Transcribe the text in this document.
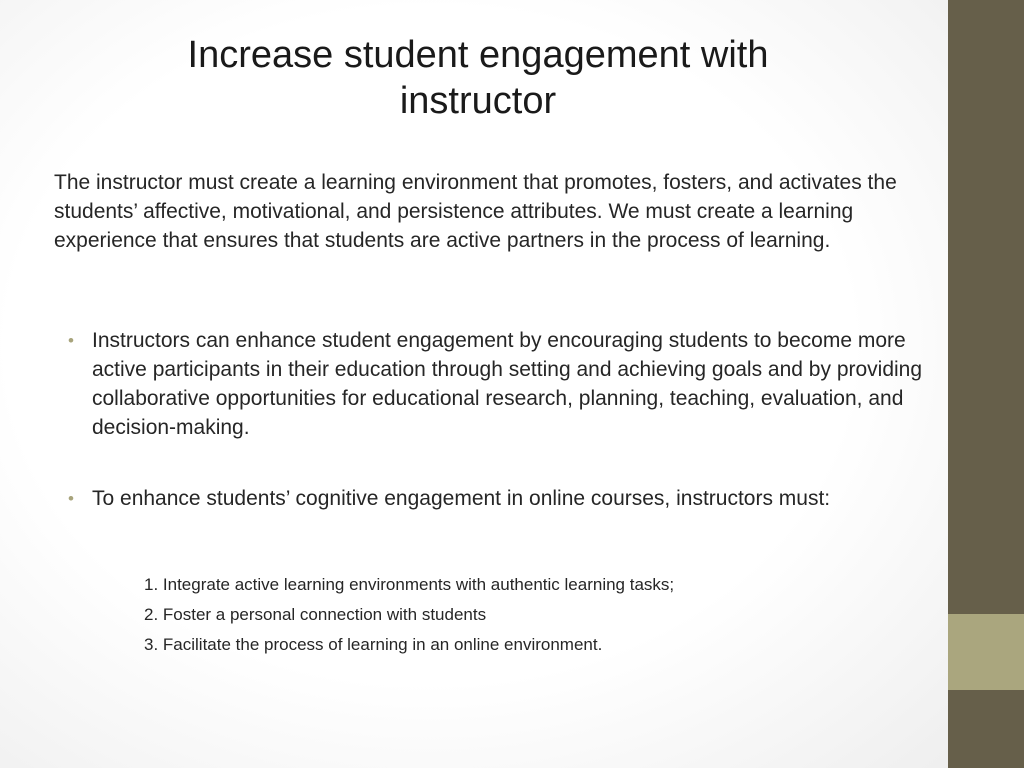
Increase student engagement with instructor

The instructor must create a learning environment that promotes, fosters, and activates the students’ affective, motivational, and persistence attributes. We must create a learning experience that ensures that students are active partners in the process of learning.

• Instructors can enhance student engagement by encouraging students to become more active participants in their education through setting and achieving goals and by providing collaborative opportunities for educational research, planning, teaching, evaluation, and decision-making.
• To enhance students’ cognitive engagement in online courses, instructors must:
1. Integrate active learning environments with authentic learning tasks;
2. Foster a personal connection with students
3. Facilitate the process of learning in an online environment.
